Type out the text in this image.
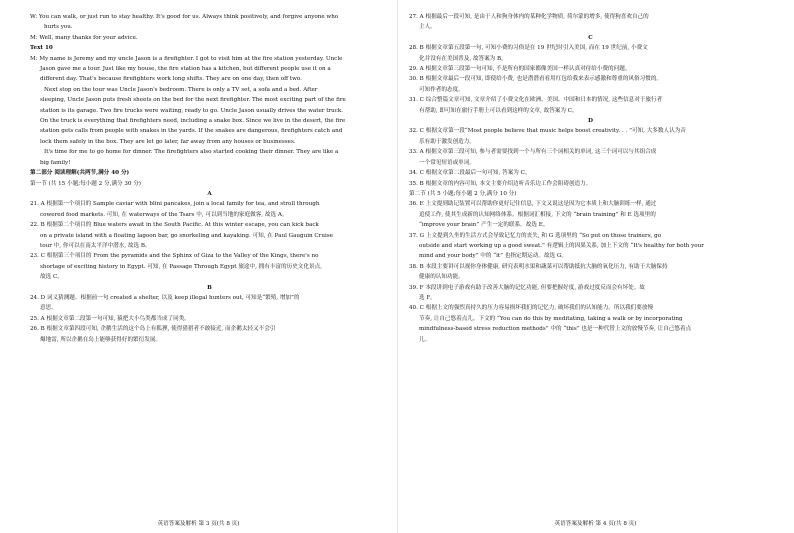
W: You can walk, or just run to stay healthy. It's good for us. Always think positively, and forgive anyone who
hurts you.
M: Well, many thanks for your advice.
Text 10
M: My name is Jeremy and my uncle Jason is a firefighter. I got to visit him at the fire station yesterday. Uncle
Jason gave me a tour. Just like my house, the fire station has a kitchen, but different people use it on a
different day. That's because firefighters work long shifts. They are on one day, then off two.
Next stop on the tour was Uncle Jason's bedroom. There is only a TV set, a sofa and a bed. After
sleeping, Uncle Jason puts fresh sheets on the bed for the next firefighter. The most exciting part of the fire
station is its garage. Two fire trucks were waiting, ready to go. Uncle Jason usually drives the water truck.
On the truck is everything that firefighters need, including a snake box. Since we live in the desert, the fire
station gets calls from people with snakes in the yards. If the snakes are dangerous, firefighters catch and
lock them safely in the box. They are let go later, far away from any houses or businesses.
It's time for me to go home for dinner. The firefighters also started cooking their dinner. They are like a
big family!
第二部分 阅读理解(共两节,满分 40 分)
第一节 (共 15 小题;每小题 2 分,满分 30 分)
A
21. A 根据第一个项目的 Sample caviar with blini pancakes, join a local family for tea, and stroll through
cowered food markets. 可知, 在 waterways of the Tsars 中, 可以到当地的家庭做客, 故选 A。
22. B 根据第二个项目的 Blue waters await in the South Pacific. At this winter escape, you can kick back
on a private island with a floating lagoon bar, go snorkeling and kayaking. 可知, 在 Paul Gauguin Cruise
tour 中, 你可以在南太平洋中潜水, 故选 B。
23. C 根据第三个项目的 From the pyramids and the Sphinx of Giza to the Valley of the Kings, there's no
shortage of exciting history in Egypt. 可知, 在 Passage Through Egypt 旅途中, 拥有丰富的历史文化景点,
故选 C。
B
24. D 词义猜测题。根据前一句 created a shelter, 以及 keep illegal hunters out, 可知是“繁殖, 增加”的
意思。
25. A 根据文章第二段第一句可知, 猿把大小鸟类都当成了同类。
26. B 根据文章第四段可知, 企鹅生活的这个岛上有狐狸, 使得猎猎者不敢接近, 而企鹅太轻又不会引
爆地雷, 所以企鹅在岛上能够获得好的繁衍发展。
英语答案及解析 第 3 页(共 8 页)
27. A 根据最后一段可知, 是由于人和狗身体内的某种化学物质, 荷尔蒙的增多, 使得狗喜欢自己的
主人。
C
28. B 根据文章第五段第一句, 可知小费的习俗是在 19 世纪时引入美国, 而在 19 世纪前, 小费文
化并没有在美国普及, 故答案为 B。
29. A 根据文章第三段第一句可知, 不是所有的国家都像美国一样认真对待给小费的问题。
30. B 根据文章最后一段可知, 即使给小费, 也是潜潜看看用红包给我来表示感激和尊重的风俗习惯的。
可知作者的态度。
31. C 综合整篇文章可知, 文章介绍了小费文化在欧洲、美国、中国和日本的情况, 这些信息对于旅行者
有帮助, 即可知在旅行手册上可以看到这样的文章, 故答案为 C。
D
32. C 根据文章第一段“Most people believe that music helps boost creativity. . . ”可知, 大多数人认为音
乐有助于激发创造力。
33. A 根据文章第三段可知, 参与者需要找到一个与所有三个词相关的单词, 这三个词可以与其组合成
一个常见短语或单词。
34. C 根据文章第二段最后一句可知, 答案为 C。
35. B 根据文章的内容可知, 本文主要介绍边听音乐边工作会阻碍创造力。
第二节 (共 5 小题;每小题 2 分,满分 10 分)
36. E 上文提到助记装置可以帮助你更好记住信息, 下文又说这是因为它本质上和大脑训练一样, 通过
追使工作, 使其生成新的认知网络体系。根据词汇相接, 下文的 “brain training” 和 E 选项里的
“improve your brain” 产生一定的联系。故选 E。
37. G 上文提到久坐的生活方式会导致记忆力的丧失, 和 G 选项里的 “So put on those trainers, go
outside and start working up a good sweat.” 有逻辑上的因果关系, 加上下文的 “It's healthy for both your
mind and your body” 中的 “it” 也指定期运动。故选 G。
38. B 本段主要讲可以视你身体健康, 研究表明水果和蔬菜可以帮助抵抗大脑的氧化压力, 有助于大脑保持
健康的认知功能。
39. F 本段讲到电子游戏有助于改善大脑的记忆功能, 但要把握好度, 游戏过度反而会有坏处。故
选 F。
40. C 根据上文的强烈真持久的压力容易损坏我们的记忆力, 破坏我们的认知能力。所以我们要放慢
节奏, 让自己悠着点儿。下文的 “You can do this by meditating, taking a walk or by incorporating
mindfulness-based stress reduction methods” 中的 “this” 也是一种代替上文的放慢节奏, 让自己悠着点
儿。
英语答案及解析 第 4 页(共 8 页)
